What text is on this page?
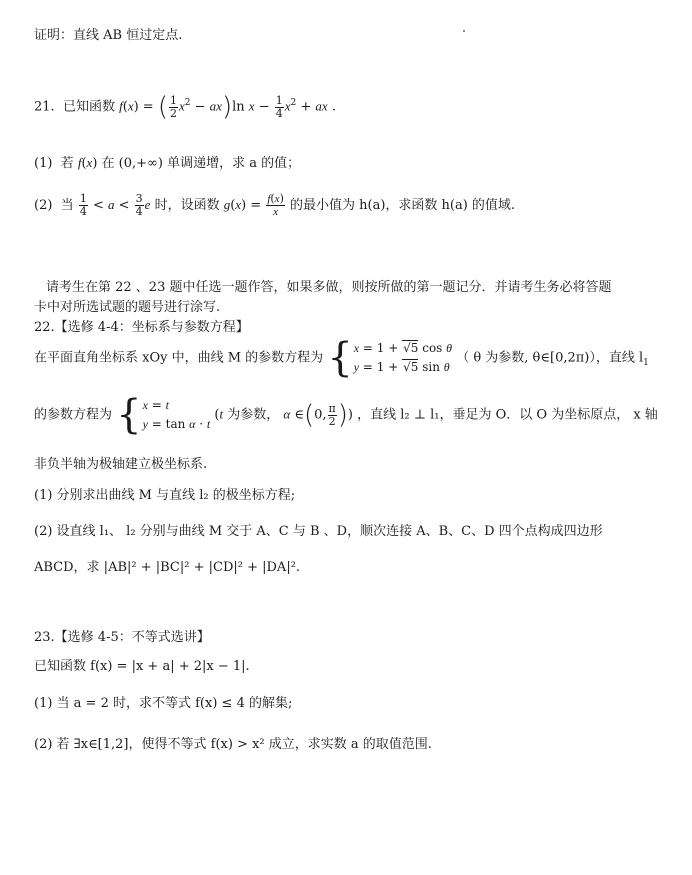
证明：直线 AB 恒过定点.
21. 已知函数 f(x) = ( $\frac{1}{2} x^2 - ax)\ln$ $x - \frac{1}{4} x^2$ + ax .
(1)  若 f(x) 在 (0,+∞) 单调递增，求 a 的值；
(2)  当 $\frac{1}{4} < a < \frac{3}{4}$ e 时，设函数 $g(x) = \frac{f(x)}{x}$ 的最小值为 h(a)，求函数 h(a) 的值域.
请考生在第 22 、23 题中任选一题作答，如果多做，则按所做的第一题记分．并请考生务必将答题
卡中对所选试题的题号进行涂写.
22.【选修 4-4：坐标系与参数方程】
在平面直角坐标系 xOy 中，曲线 M 的参数方程为 { x = 1 + √5 cos θ
y = 1 + √5 sin θ
（ θ 为参数, θ∈[0,2π)），直线 $l_1$
的参数方程为 { x = t
y = tan α · t
(t 为参数， α ∈(0, $\frac{\pi}{2}$ )) ，直线 l₂ ⊥ l₁，垂足为 O．以 O 为坐标原点， x 轴
非负半轴为极轴建立极坐标系.
(1) 分别求出曲线 M 与直线 l₂ 的极坐标方程;
(2) 设直线 l₁、 l₂ 分别与曲线 M 交于 A、C 与 B 、D，顺次连接 A、B、C、D 四个点构成四边形
ABCD，求 |AB|² + |BC|² + |CD|² + |DA|².
23.【选修 4-5：不等式选讲】
已知函数 f(x) = |x + a| + 2|x − 1|.
(1) 当 a = 2 时，求不等式 f(x) ≤ 4 的解集;
(2) 若 ∃x∈[1,2]，使得不等式 f(x) > x² 成立，求实数 a 的取值范围.
